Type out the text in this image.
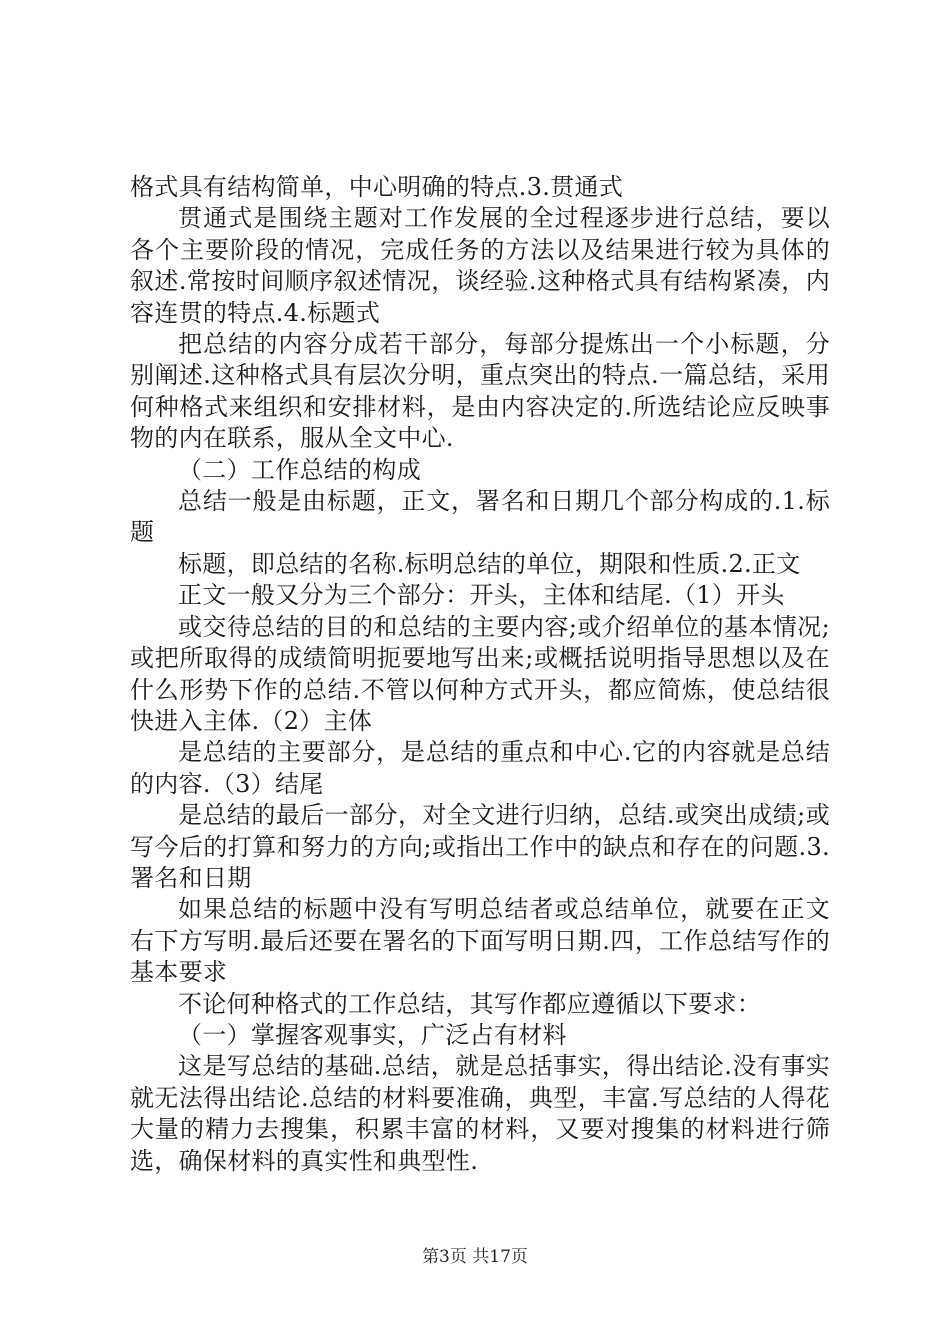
格式具有结构简单，中心明确的特点.3.贯通式

贯通式是围绕主题对工作发展的全过程逐步进行总结，要以各个主要阶段的情况，完成任务的方法以及结果进行较为具体的叙述.常按时间顺序叙述情况，谈经验.这种格式具有结构紧凑，内容连贯的特点.4.标题式

把总结的内容分成若干部分，每部分提炼出一个小标题，分别阐述.这种格式具有层次分明，重点突出的特点.一篇总结，采用何种格式来组织和安排材料，是由内容决定的.所选结论应反映事物的内在联系，服从全文中心.

（二）工作总结的构成

总结一般是由标题，正文，署名和日期几个部分构成的.1.标题

标题，即总结的名称.标明总结的单位，期限和性质.2.正文

正文一般又分为三个部分：开头，主体和结尾.（1）开头

或交待总结的目的和总结的主要内容;或介绍单位的基本情况;或把所取得的成绩简明扼要地写出来;或概括说明指导思想以及在什么形势下作的总结.不管以何种方式开头，都应简炼，使总结很快进入主体.（2）主体

是总结的主要部分，是总结的重点和中心.它的内容就是总结的内容.（3）结尾

是总结的最后一部分，对全文进行归纳，总结.或突出成绩;或写今后的打算和努力的方向;或指出工作中的缺点和存在的问题.3.署名和日期

如果总结的标题中没有写明总结者或总结单位，就要在正文右下方写明.最后还要在署名的下面写明日期.四，工作总结写作的基本要求

不论何种格式的工作总结，其写作都应遵循以下要求：

（一）掌握客观事实，广泛占有材料

这是写总结的基础.总结，就是总括事实，得出结论.没有事实就无法得出结论.总结的材料要准确，典型，丰富.写总结的人得花大量的精力去搜集，积累丰富的材料，又要对搜集的材料进行筛选，确保材料的真实性和典型性.

第3页 共17页
